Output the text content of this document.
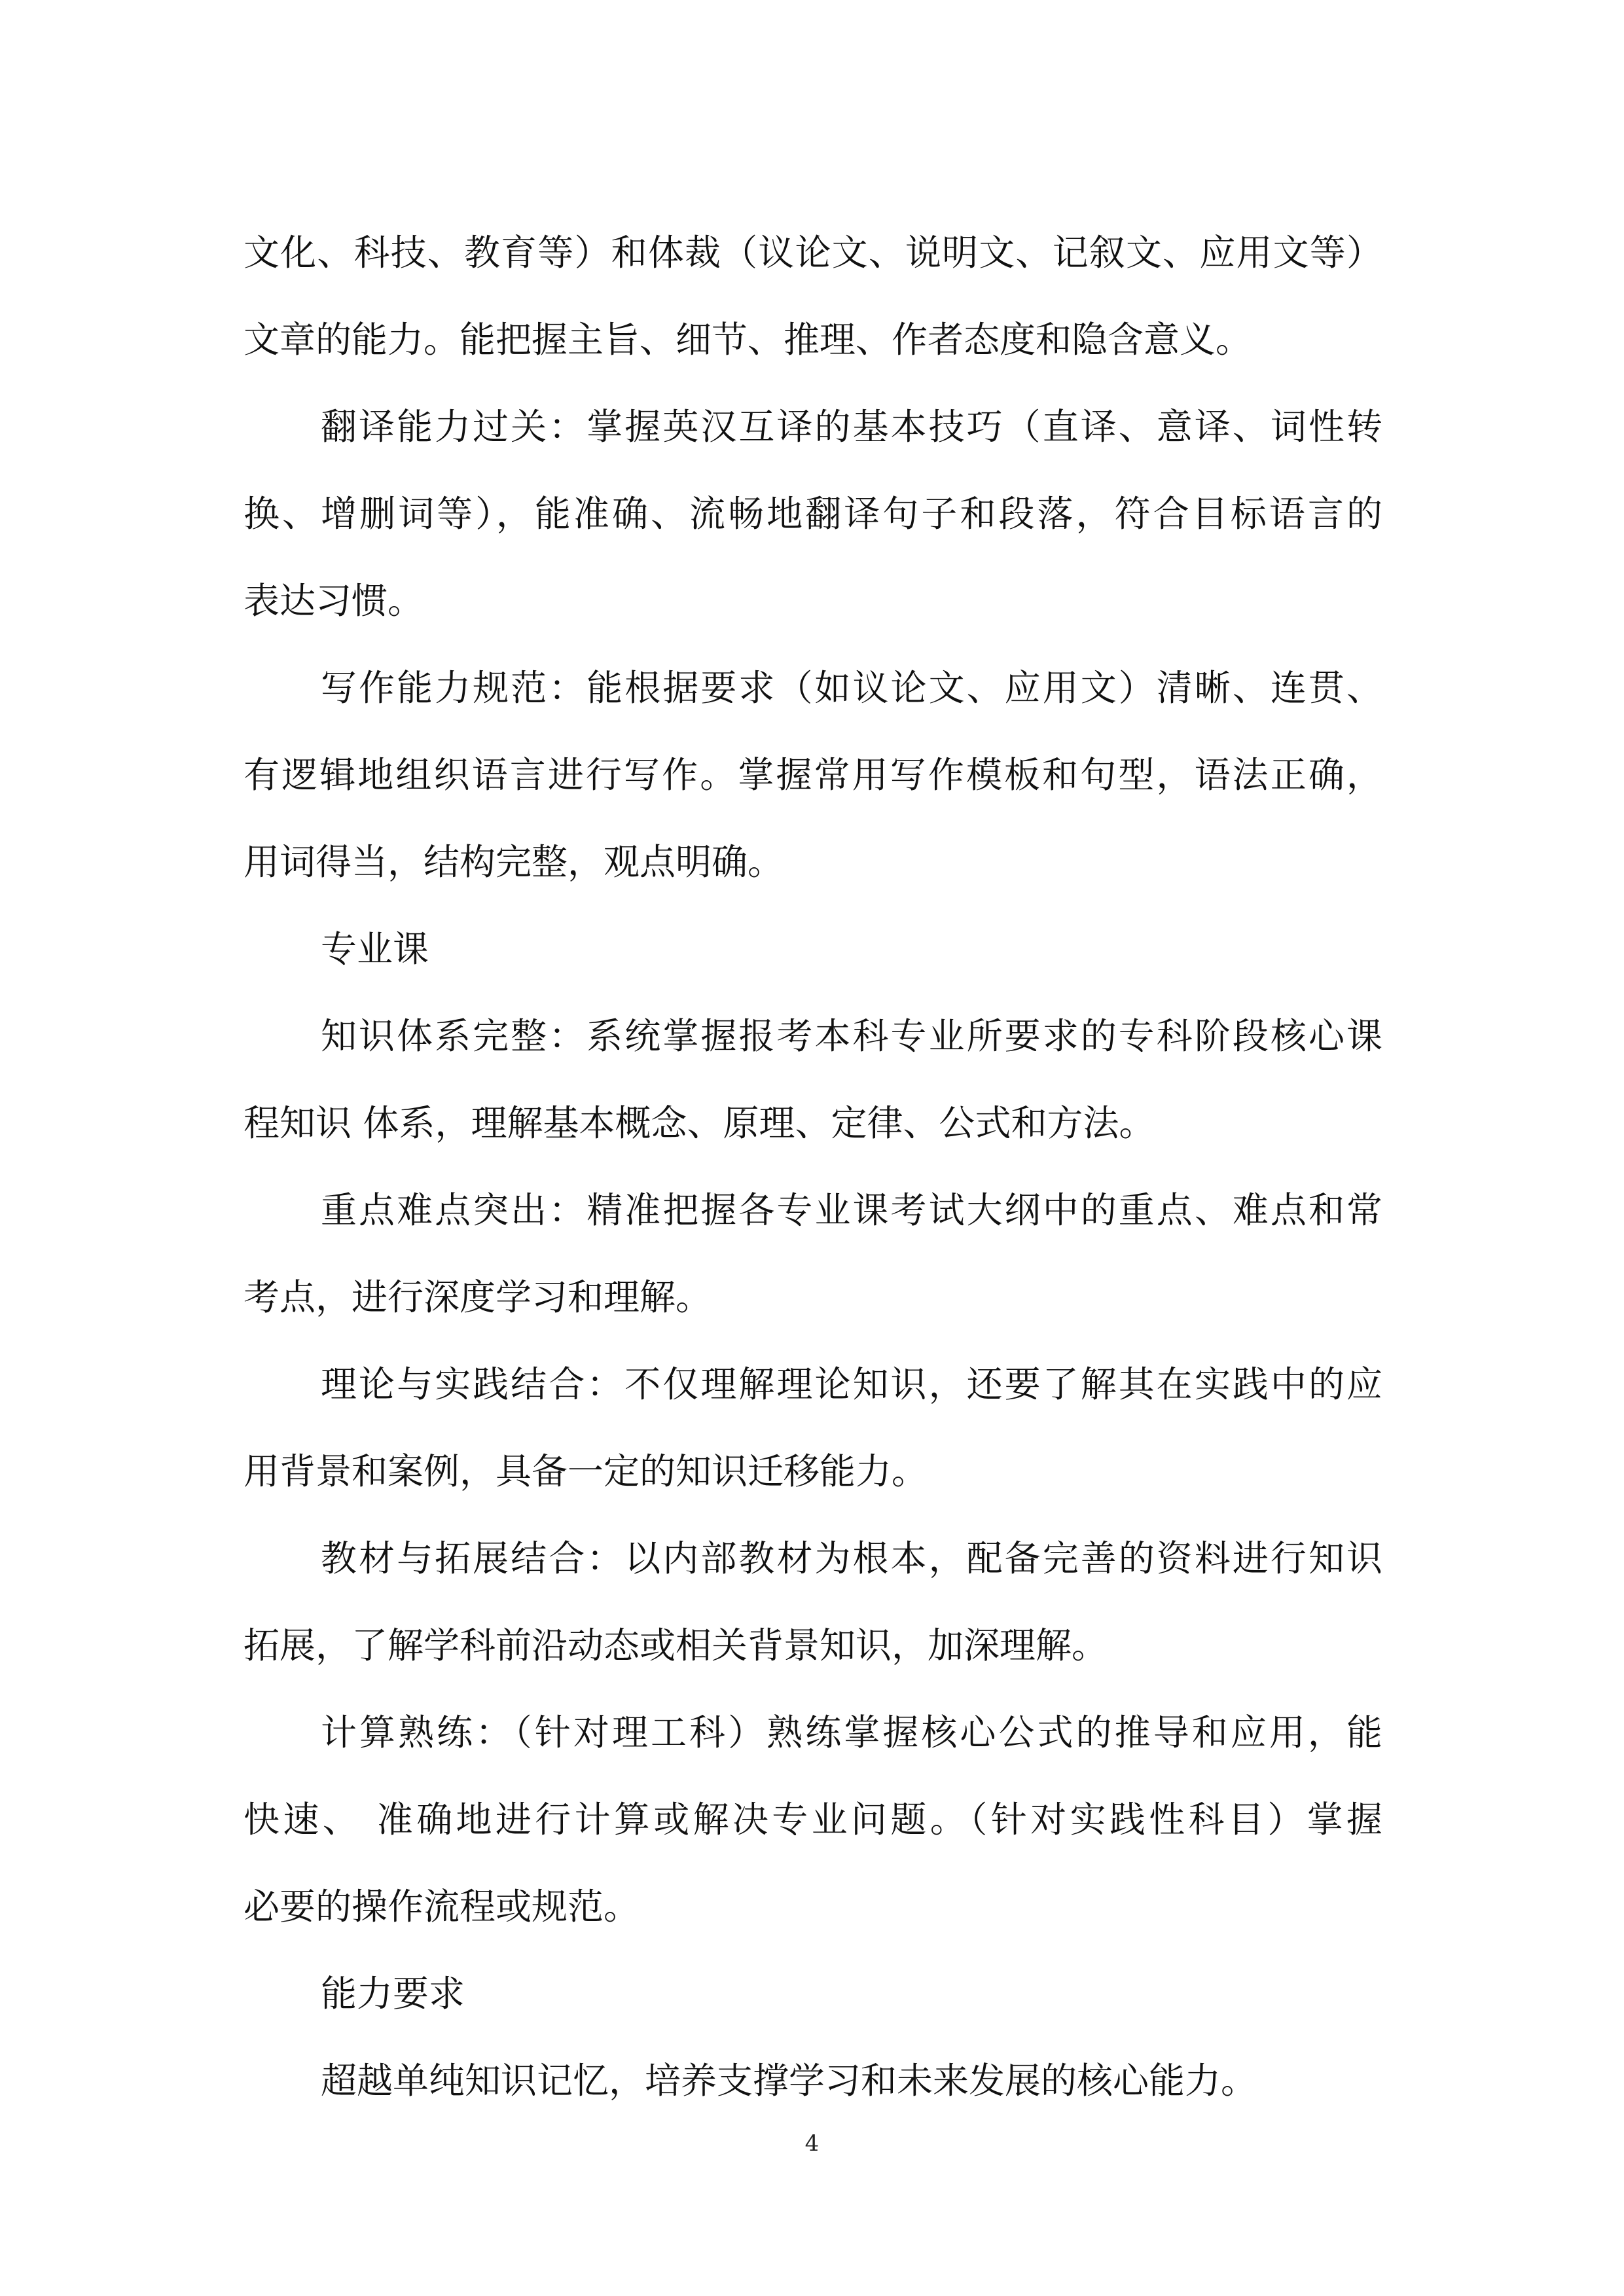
文化、科技、教育等）和体裁（议论文、说明文、记叙文、应用文等）
文章的能力。能把握主旨、细节、推理、作者态度和隐含意义。
翻译能力过关：掌握英汉互译的基本技巧（直译、意译、词性转
换、增删词等），能准确、流畅地翻译句子和段落，符合目标语言的
表达习惯。
写作能力规范：能根据要求（如议论文、应用文）清晰、连贯、
有逻辑地组织语言进行写作。掌握常用写作模板和句型，语法正确，
用词得当，结构完整，观点明确。
专业课
知识体系完整：系统掌握报考本科专业所要求的专科阶段核心课
程知识 体系，理解基本概念、原理、定律、公式和方法。
重点难点突出：精准把握各专业课考试大纲中的重点、难点和常
考点，进行深度学习和理解。
理论与实践结合：不仅理解理论知识，还要了解其在实践中的应
用背景和案例，具备一定的知识迁移能力。
教材与拓展结合：以内部教材为根本，配备完善的资料进行知识
拓展，了解学科前沿动态或相关背景知识，加深理解。
计算熟练：（针对理工科）熟练掌握核心公式的推导和应用，能
快速、 准确地进行计算或解决专业问题。（针对实践性科目）掌握
必要的操作流程或规范。
能力要求
超越单纯知识记忆，培养支撑学习和未来发展的核心能力。
4
